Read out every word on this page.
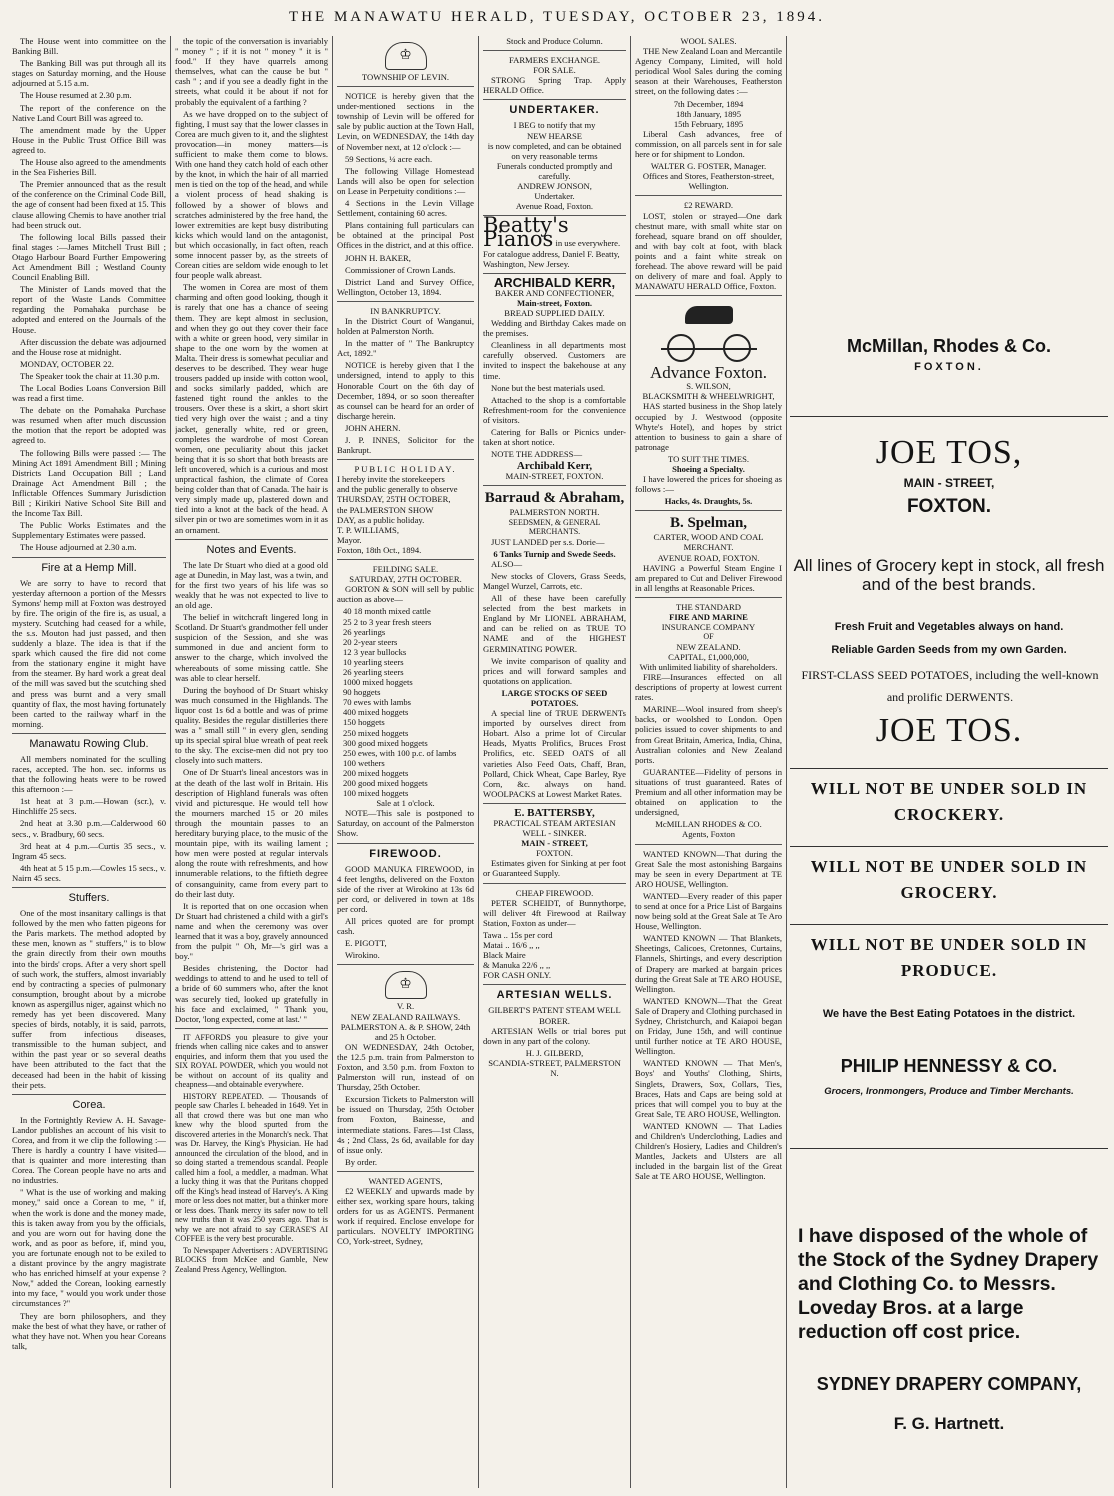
THE MANAWATU HERALD, TUESDAY, OCTOBER 23, 1894.

The House went into committee on the Banking Bill.

The Banking Bill was put through all its stages on Saturday morning, and the House adjourned at 5.15 a.m.

The House resumed at 2.30 p.m.

The report of the conference on the Native Land Court Bill was agreed to.

The amendment made by the Upper House in the Public Trust Office Bill was agreed to.

The House also agreed to the amendments in the Sea Fisheries Bill.

The Premier announced that as the result of the conference on the Criminal Code Bill, the age of consent had been fixed at 15. This clause allowing Chemis to have another trial had been struck out.

The following local Bills passed their final stages :—James Mitchell Trust Bill ; Otago Harbour Board Further Empowering Act Amendment Bill ; Westland County Council Enabling Bill.

The Minister of Lands moved that the report of the Waste Lands Committee regarding the Pomahaka purchase be adopted and entered on the Journals of the House.

After discussion the debate was adjourned and the House rose at midnight.

MONDAY, OCTOBER 22.

The Speaker took the chair at 11.30 p.m.

The Local Bodies Loans Conversion Bill was read a first time.

The debate on the Pomahaka Purchase was resumed when after much discussion the motion that the report be adopted was agreed to.

The following Bills were passed :— The Mining Act 1891 Amendment Bill ; Mining Districts Land Occupation Bill ; Land Drainage Act Amendment Bill ; the Inflictable Offences Summary Jurisdiction Bill ; Kirikiri Native School Site Bill and the Income Tax Bill.

The Public Works Estimates and the Supplementary Estimates were passed.

The House adjourned at 2.30 a.m.

Fire at a Hemp Mill.

We are sorry to have to record that yesterday afternoon a portion of the Messrs Symons' hemp mill at Foxton was destroyed by fire. The origin of the fire is, as usual, a mystery. Scutching had ceased for a while, the s.s. Mouton had just passed, and then suddenly a blaze. The idea is that if the spark which caused the fire did not come from the stationary engine it might have from the steamer. By hard work a great deal of the mill was saved but the scutching shed and press was burnt and a very small quantity of flax, the most having fortunately been carted to the railway wharf in the morning.

Manawatu Rowing Club.

All members nominated for the sculling races, accepted. The hon. sec. informs us that the following heats were to be rowed this afternoon :—

1st heat at 3 p.m.—Howan (scr.), v. Hinchliffe 25 secs.

2nd heat at 3.30 p.m.—Calderwood 60 secs., v. Bradbury, 60 secs.

3rd heat at 4 p.m.—Curtis 35 secs., v. Ingram 45 secs.

4th heat at 5 15 p.m.—Cowles 15 secs., v. Nairn 45 secs.

Stuffers.

One of the most insanitary callings is that followed by the men who fatten pigeons for the Paris markets. The method adopted by these men, known as " stuffers," is to blow the grain directly from their own mouths into the birds' crops. After a very short spell of such work, the stuffers, almost invariably end by contracting a species of pulmonary consumption, brought about by a microbe known as aspergillus niger, against which no remedy has yet been discovered. Many species of birds, notably, it is said, parrots, suffer from infectious diseases, transmissible to the human subject, and within the past year or so several deaths have been attributed to the fact that the deceased had been in the habit of kissing their pets.

Corea.

In the Fortnightly Review A. H. Savage-Landor publishes an account of his visit to Corea, and from it we clip the following :—There is hardly a country I have visited—that is quainter and more interesting than Corea. The Corean people have no arts and no industries.

" What is the use of working and making money," said once a Corean to me, " if, when the work is done and the money made, this is taken away from you by the officials, and you are worn out for having done the work, and as poor as before, if, mind you, you are fortunate enough not to be exiled to a distant province by the angry magistrate who has enriched himself at your expense ? Now," added the Corean, looking earnestly into my face, " would you work under those circumstances ?"

They are born philosophers, and they make the best of what they have, or rather of what they have not. When you hear Coreans talk,

the topic of the conversation is invariably " money " ; if it is not " money " it is " food." If they have quarrels among themselves, what can the cause be but " cash " ; and if you see a deadly fight in the streets, what could it be about if not for probably the equivalent of a farthing ?

As we have dropped on to the subject of fighting, I must say that the lower classes in Corea are much given to it, and the slightest provocation—in money matters—is sufficient to make them come to blows. With one hand they catch hold of each other by the knot, in which the hair of all married men is tied on the top of the head, and while a violent process of head shaking is followed by a shower of blows and scratches administered by the free hand, the lower extremities are kept busy distributing kicks which would land on the antagonist, but which occasionally, in fact often, reach some innocent passer by, as the streets of Corean cities are seldom wide enough to let four people walk abreast.

The women in Corea are most of them charming and often good looking, though it is rarely that one has a chance of seeing them. They are kept almost in seclusion, and when they go out they cover their face with a white or green hood, very similar in shape to the one worn by the women at Malta. Their dress is somewhat peculiar and deserves to be described. They wear huge trousers padded up inside with cotton wool, and socks similarly padded, which are fastened tight round the ankles to the trousers. Over these is a skirt, a short skirt tied very high over the waist ; and a tiny jacket, generally white, red or green, completes the wardrobe of most Corean women, one peculiarity about this jacket being that it is so short that both breasts are left uncovered, which is a curious and most unpractical fashion, the climate of Corea being colder than that of Canada. The hair is very simply made up, plastered down and tied into a knot at the back of the head. A silver pin or two are sometimes worn in it as an ornament.

Notes and Events.

The late Dr Stuart who died at a good old age at Dunedin, in May last, was a twin, and for the first two years of his life was so weakly that he was not expected to live to an old age.

The belief in witchcraft lingered long in Scotland. Dr Stuart's grandmother fell under suspicion of the Session, and she was summoned in due and ancient form to answer to the charge, which involved the whereabouts of some missing cattle. She was able to clear herself.

During the boyhood of Dr Stuart whisky was much consumed in the Highlands. The liquor cost 1s 6d a bottle and was of prime quality. Besides the regular distilleries there was a " small still " in every glen, sending up its special spiral blue wreath of peat reek to the sky. The excise-men did not pry too closely into such matters.

One of Dr Stuart's lineal ancestors was in at the death of the last wolf in Britain. His description of Highland funerals was often vivid and picturesque. He would tell how the mourners marched 15 or 20 miles through the mountain passes to an hereditary burying place, to the music of the mountain pipe, with its wailing lament ; how men were posted at regular intervals along the route with refreshments, and how innumerable relations, to the fiftieth degree of consanguinity, came from every part to do their last duty.

It is reported that on one occasion when Dr Stuart had christened a child with a girl's name and when the ceremony was over learned that it was a boy, gravely announced from the pulpit " Oh, Mr—'s girl was a boy."

Besides christening, the Doctor had weddings to attend to and he used to tell of a bride of 60 summers who, after the knot was securely tied, looked up gratefully in his face and exclaimed, " Thank you, Doctor, 'long expected, come at last.' "

IT AFFORDS you pleasure to give your friends when calling nice cakes and to answer enquiries, and inform them that you used the SIX ROYAL POWDER, which you would not be without on account of its quality and cheapness—and obtainable everywhere.

HISTORY REPEATED. — Thousands of people saw Charles I. beheaded in 1649. Yet in all that crowd there was but one man who knew why the blood spurted from the discovered arteries in the Monarch's neck. That was Dr. Harvey, the King's Physician. He had announced the circulation of the blood, and in so doing started a tremendous scandal. People called him a fool, a meddler, a madman. What a lucky thing it was that the Puritans chopped off the King's head instead of Harvey's. A King more or less does not matter, but a thinker more or less does. Thank mercy its safer now to tell new truths than it was 250 years ago. That is why we are not afraid to say CERASE'S AI COFFEE is the very best procurable.

To Newspaper Advertisers : ADVERTISING BLOCKS from McKee and Gamble, New Zealand Press Agency, Wellington.

♔
TOWNSHIP OF LEVIN.

NOTICE is hereby given that the under-mentioned sections in the township of Levin will be offered for sale by public auction at the Town Hall, Levin, on WEDNESDAY, the 14th day of November next, at 12 o'clock :—

59 Sections, ¼ acre each.

The following Village Homestead Lands will also be open for selection on Lease in Perpetuity conditions :—

4 Sections in the Levin Village Settlement, containing 60 acres.

Plans containing full particulars can be obtained at the principal Post Offices in the district, and at this office.

JOHN H. BAKER,

Commissioner of Crown Lands.

District Land and Survey Office, Wellington, October 13, 1894.

IN BANKRUPTCY.

In the District Court of Wanganui, holden at Palmerston North.

In the matter of " The Bankruptcy Act, 1892."

NOTICE is hereby given that I the undersigned, intend to apply to this Honorable Court on the 6th day of December, 1894, or so soon thereafter as counsel can be heard for an order of discharge herein.

JOHN AHERN.

J. P. INNES, Solicitor for the Bankrupt.

PUBLIC HOLIDAY.
I hereby invite the storekeepers
and the public generally to observe
THURSDAY, 25TH OCTOBER,
the PALMERSTON SHOW
DAY, as a public holiday.
T. P. WILLIAMS,
Mayor.
Foxton, 18th Oct., 1894.
FEILDING SALE.
SATURDAY, 27TH OCTOBER.

GORTON & SON will sell by public auction as above—

40 18 month mixed cattle
25 2 to 3 year fresh steers
26 yearlings
20 2-year steers
12 3 year bullocks
10 yearling steers
26 yearling steers
1000 mixed hoggets
90 hoggets
70 ewes with lambs
400 mixed hoggets
150 hoggets
250 mixed hoggets
300 good mixed hoggets
250 ewes, with 100 p.c. of lambs
100 wethers
200 mixed hoggets
200 good mixed hoggets
100 mixed hoggets
Sale at 1 o'clock.

NOTE—This sale is postponed to Saturday, on account of the Palmerston Show.

FIREWOOD.

GOOD MANUKA FIREWOOD, in 4 feet lengths, delivered on the Foxton side of the river at Wirokino at 13s 6d per cord, or delivered in town at 18s per cord.

All prices quoted are for prompt cash.

E. PIGOTT,

Wirokino.

♔
V. R.
NEW ZEALAND RAILWAYS.
PALMERSTON A. & P. SHOW, 24th and 25 h October.

ON WEDNESDAY, 24th October, the 12.5 p.m. train from Palmerston to Foxton, and 3.50 p.m. from Foxton to Palmerston will run, instead of on Thursday, 25th October.

Excursion Tickets to Palmerston will be issued on Thursday, 25th October from Foxton, Bainesse, and intermediate stations. Fares—1st Class, 4s ; 2nd Class, 2s 6d, available for day of issue only.

By order.

WANTED AGENTS,

£2 WEEKLY and upwards made by either sex, working spare hours, taking orders for us as AGENTS. Permanent work if required. Enclose envelope for particulars. NOVELTY IMPORTING CO, York-street, Sydney,

Stock and Produce Column.
FARMERS EXCHANGE.
FOR SALE.

STRONG Spring Trap. Apply HERALD Office.

UNDERTAKER.
I BEG to notify that my
NEW HEARSE
is now completed, and can be obtained on very reasonable terms
Funerals conducted promptly and carefully.
ANDREW JONSON,
Undertaker.
Avenue Road, Foxton.
Beatty's Pianos in use everywhere. For catalogue address, Daniel F. Beatty, Washington, New Jersey.
ARCHIBALD KERR,
BAKER AND CONFECTIONER,
Main-street, Foxton.
BREAD SUPPLIED DAILY.

Wedding and Birthday Cakes made on the premises.

Cleanliness in all departments most carefully observed. Customers are invited to inspect the bakehouse at any time.

None but the best materials used.

Attached to the shop is a comfortable Refreshment-room for the convenience of visitors.

Catering for Balls or Picnics under-taken at short notice.

NOTE THE ADDRESS—

Archibald Kerr,
MAIN-STREET, FOXTON.
Barraud & Abraham,
PALMERSTON NORTH.
SEEDSMEN, & GENERAL MERCHANTS.

JUST LANDED per s.s. Dorie—

6 Tanks Turnip and Swede Seeds.

ALSO—

New stocks of Clovers, Grass Seeds, Mangel Wurzel, Carrots, etc.

All of these have been carefully selected from the best markets in England by Mr LIONEL ABRAHAM, and can be relied on as TRUE TO NAME and of the HIGHEST GERMINATING POWER.

We invite comparison of quality and prices and will forward samples and quotations on application.

LARGE STOCKS OF SEED POTATOES.

A special line of TRUE DERWENTs imported by ourselves direct from Hobart. Also a prime lot of Circular Heads, Myatts Prolifics, Bruces Frost Prolifics, etc. SEED OATS of all varieties Also Feed Oats, Chaff, Bran, Pollard, Chick Wheat, Cape Barley, Rye Corn, &c. always on hand. WOOLPACKS at Lowest Market Rates.

E. BATTERSBY,
PRACTICAL STEAM ARTESIAN WELL - SINKER.
MAIN - STREET,
FOXTON.

Estimates given for Sinking at per foot or Guaranteed Supply.

CHEAP FIREWOOD.

PETER SCHEIDT, of Bunnythorpe, will deliver 4ft Firewood at Railway Station, Foxton as under—

Tawa .. 15s per cord
Matai .. 16/6 ,, ,,
Black Maire
& Manuka 22/6 ,, ,,
FOR CASH ONLY.
ARTESIAN WELLS.
GILBERT'S PATENT STEAM WELL BORER.

ARTESIAN Wells or trial bores put down in any part of the colony.

H. J. GILBERD,
SCANDIA-STREET, PALMERSTON N.
WOOL SALES.

THE New Zealand Loan and Mercantile Agency Company, Limited, will hold periodical Wool Sales during the coming season at their Warehouses, Featherston street, on the following dates :—

7th December, 1894
18th January, 1895
15th February, 1895

Liberal Cash advances, free of commission, on all parcels sent in for sale here or for shipment to London.

WALTER G. FOSTER, Manager.
Offices and Stores, Featherston-street, Wellington.
£2 REWARD.

LOST, stolen or strayed—One dark chestnut mare, with small white star on forehead, square brand on off shoulder, and with bay colt at foot, with black points and a faint white streak on forehead. The above reward will be paid on delivery of mare and foal. Apply to MANAWATU HERALD Office, Foxton.

Advance Foxton.
S. WILSON,
BLACKSMITH & WHEELWRIGHT,

HAS started business in the Shop lately occupied by J. Westwood (opposite Whyte's Hotel), and hopes by strict attention to business to gain a share of patronage

TO SUIT THE TIMES.
Shoeing a Specialty.

I have lowered the prices for shoeing as follows :—

Hacks, 4s. Draughts, 5s.
B. Spelman,
CARTER, WOOD AND COAL MERCHANT.
AVENUE ROAD, FOXTON.

HAVING a Powerful Steam Engine I am prepared to Cut and Deliver Firewood in all lengths at Reasonable Prices.

THE STANDARD
FIRE AND MARINE
INSURANCE COMPANY
OF
NEW ZEALAND.
CAPITAL, £1,000,000,
With unlimited liability of shareholders.

FIRE—Insurances effected on all descriptions of property at lowest current rates.

MARINE—Wool insured from sheep's backs, or woolshed to London. Open policies issued to cover shipments to and from Great Britain, America, India, China, Australian colonies and New Zealand ports.

GUARANTEE—Fidelity of persons in situations of trust guaranteed. Rates of Premium and all other information may be obtained on application to the undersigned,

McMILLAN RHODES & CO.
Agents, Foxton

WANTED KNOWN—That during the Great Sale the most astonishing Bargains may be seen in every Department at TE ARO HOUSE, Wellington.

WANTED—Every reader of this paper to send at once for a Price List of Bargains now being sold at the Great Sale at Te Aro House, Wellington.

WANTED KNOWN — That Blankets, Sheetings, Calicoes, Cretonnes, Curtains, Flannels, Shirtings, and every description of Drapery are marked at bargain prices during the Great Sale at TE ARO HOUSE, Wellington.

WANTED KNOWN—That the Great Sale of Drapery and Clothing purchased in Sydney, Christchurch, and Kaiapoi began on Friday, June 15th, and will continue until further notice at TE ARO HOUSE, Wellington.

WANTED KNOWN — That Men's, Boys' and Youths' Clothing, Shirts, Singlets, Drawers, Sox, Collars, Ties, Braces, Hats and Caps are being sold at prices that will compel you to buy at the Great Sale, TE ARO HOUSE, Wellington.

WANTED KNOWN — That Ladies and Children's Underclothing, Ladies and Children's Hosiery, Ladies and Children's Mantles, Jackets and Ulsters are all included in the bargain list of the Great Sale at TE ARO HOUSE, Wellington.

McMillan, Rhodes & Co.
FOXTON.
JOE TOS,
MAIN - STREET,
FOXTON.
All lines of Grocery kept in stock, all fresh and of the best brands.
Fresh Fruit and Vegetables always on hand.
Reliable Garden Seeds from my own Garden.
FIRST-CLASS SEED POTATOES, including the well-known and prolific DERWENTS.
JOE TOS.
WILL NOT BE UNDER SOLD IN CROCKERY.
WILL NOT BE UNDER SOLD IN GROCERY.
WILL NOT BE UNDER SOLD IN PRODUCE.
We have the Best Eating Potatoes in the district.
PHILIP HENNESSY & CO.
Grocers, Ironmongers, Produce and Timber Merchants.
I have disposed of the whole of the Stock of the Sydney Drapery and Clothing Co. to Messrs. Loveday Bros. at a large reduction off cost price.
SYDNEY DRAPERY COMPANY,
F. G. Hartnett.
